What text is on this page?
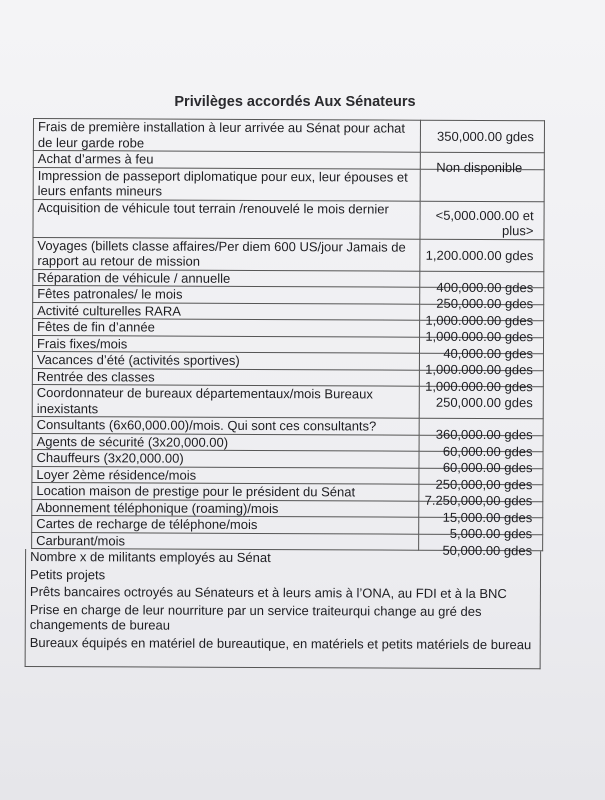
Privilèges accordés Aux Sénateurs
Frais de première installation à leur arrivée au Sénat pour achat de leur garde robe	350,000.00 gdes

Achat d’armes à feu	
Impression de passeport diplomatique pour eux, leur épouses et leurs enfants mineurs	Non disponible

Acquisition de véhicule tout terrain /renouvelé le mois dernier	<5,000.000.00 et plus>

Voyages (billets classe affaires/Per diem 600 US/jour Jamais de rapport au retour de mission	1,200.000.00 gdes

Réparation de véhicule / annuelle	400,000.00 gdes

Fêtes patronales/ le mois	250,000.00 gdes

Activité culturelles RARA	1,000.000.00 gdes

Fêtes de fin d’année	1,000.000.00 gdes

Frais fixes/mois	40,000.00 gdes

Vacances d’été (activités sportives)	1,000.000.00 gdes

Rentrée des classes	1,000.000.00 gdes

Coordonnateur de bureaux départementaux/mois Bureaux inexistants	250,000.00 gdes

Consultants (6x60,000.00)/mois. Qui sont ces consultants?	360,000.00 gdes

Agents de sécurité (3x20,000.00)	60,000.00 gdes

Chauffeurs (3x20,000.00)	60,000.00 gdes

Loyer 2ème résidence/mois	250,000,00 gdes

Location maison de prestige pour le président du Sénat	7.250,000,00 gdes

Abonnement téléphonique (roaming)/mois	15,000.00 gdes

Cartes de recharge de téléphone/mois	5,000.00 gdes

Carburant/mois	50,000.00 gdes
Nombre x de militants employés au Sénat
Petits projets
Prêts bancaires octroyés au Sénateurs et à leurs amis à l’ONA, au FDI et à la BNC
Prise en charge de leur nourriture par un service traiteurqui change au gré des changements de bureau
Bureaux équipés en matériel de bureautique, en matériels et petits matériels de bureau
